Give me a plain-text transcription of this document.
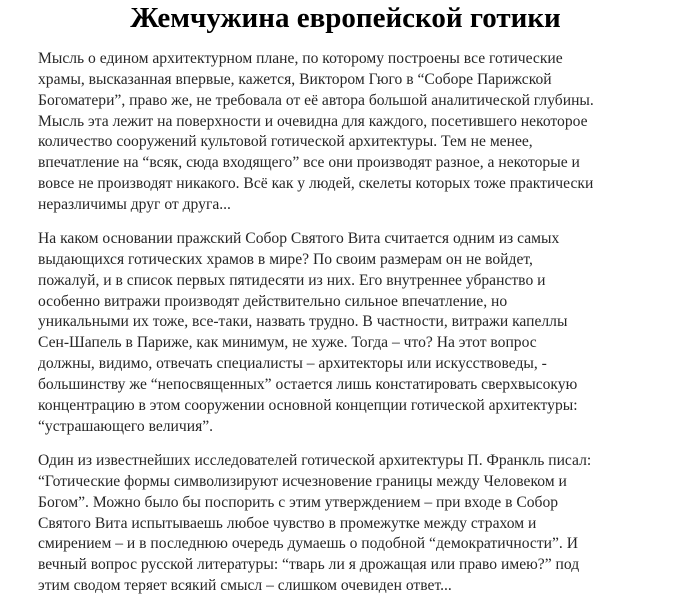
Жемчужина европейской готики

Мысль о едином архитектурном плане, по которому построены все готические
храмы, высказанная впервые, кажется, Виктором Гюго в “Соборе Парижской
Богоматери”, право же, не требовала от её автора большой аналитической глубины.
Мысль эта лежит на поверхности и очевидна для каждого, посетившего некоторое
количество сооружений культовой готической архитектуры. Тем не менее,
впечатление на “всяк, сюда входящего” все они производят разное, а некоторые и
вовсе не производят никакого. Всё как у людей, скелеты которых тоже практически
неразличимы друг от друга...

На каком основании пражский Собор Святого Вита считается одним из самых
выдающихся готических храмов в мире? По своим размерам он не войдет,
пожалуй, и в список первых пятидесяти из них. Его внутреннее убранство и
особенно витражи производят действительно сильное впечатление, но
уникальными их тоже, все-таки, назвать трудно. В частности, витражи капеллы
Сен-Шапель в Париже, как минимум, не хуже. Тогда – что? На этот вопрос
должны, видимо, отвечать специалисты – архитекторы или искусствоведы, -
большинству же “непосвященных” остается лишь констатировать сверхвысокую
концентрацию в этом сооружении основной концепции готической архитектуры:
“устрашающего величия”.

Один из известнейших исследователей готической архитектуры П. Франкль писал:
“Готические формы символизируют исчезновение границы между Человеком и
Богом”. Можно было бы поспорить с этим утверждением – при входе в Собор
Святого Вита испытываешь любое чувство в промежутке между страхом и
смирением – и в последнюю очередь думаешь о подобной “демократичности”. И
вечный вопрос русской литературы: “тварь ли я дрожащая или право имею?” под
этим сводом теряет всякий смысл – слишком очевиден ответ...
